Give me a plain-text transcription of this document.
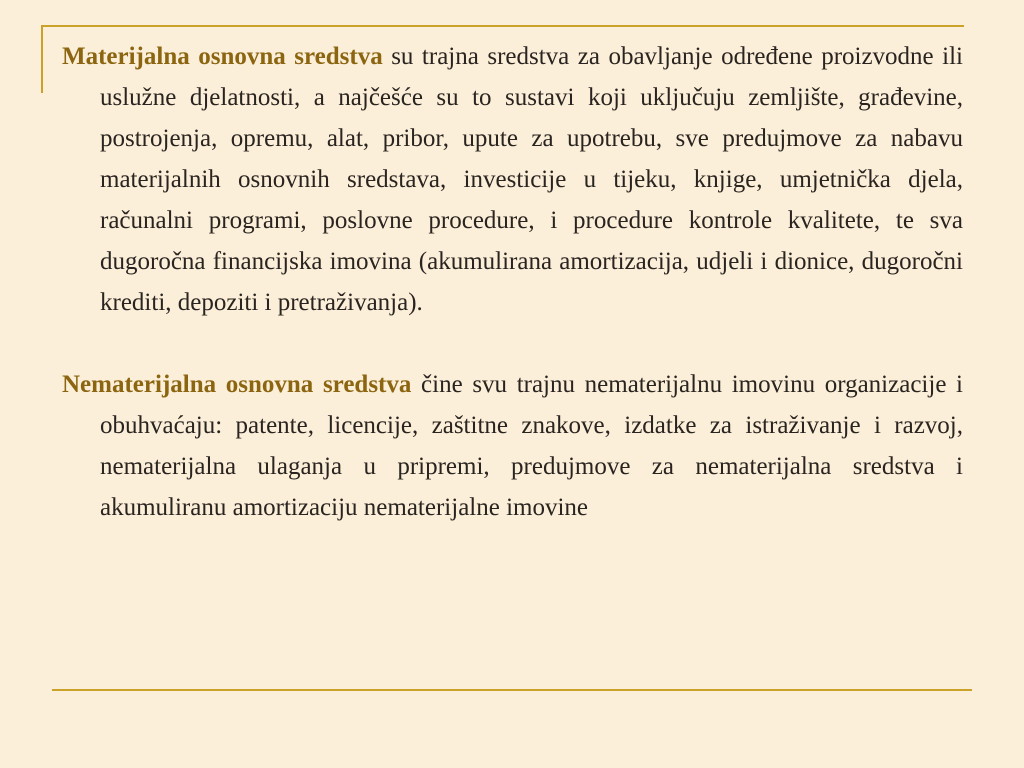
Materijalna osnovna sredstva su trajna sredstva za obavljanje određene proizvodne ili uslužne djelatnosti, a najčešće su to sustavi koji uključuju zemljište, građevine, postrojenja, opremu, alat, pribor, upute za upotrebu, sve predujmove za nabavu materijalnih osnovnih sredstava, investicije u tijeku, knjige, umjetnička djela, računalni programi, poslovne procedure, i procedure kontrole kvalitete, te sva dugoročna financijska imovina (akumulirana amortizacija, udjeli i dionice, dugoročni krediti, depoziti i pretraživanja).

Nematerijalna osnovna sredstva čine svu trajnu nematerijalnu imovinu organizacije i obuhvaćaju: patente, licencije, zaštitne znakove, izdatke za istraživanje i razvoj, nematerijalna ulaganja u pripremi, predujmove za nematerijalna sredstva i akumuliranu amortizaciju nematerijalne imovine
